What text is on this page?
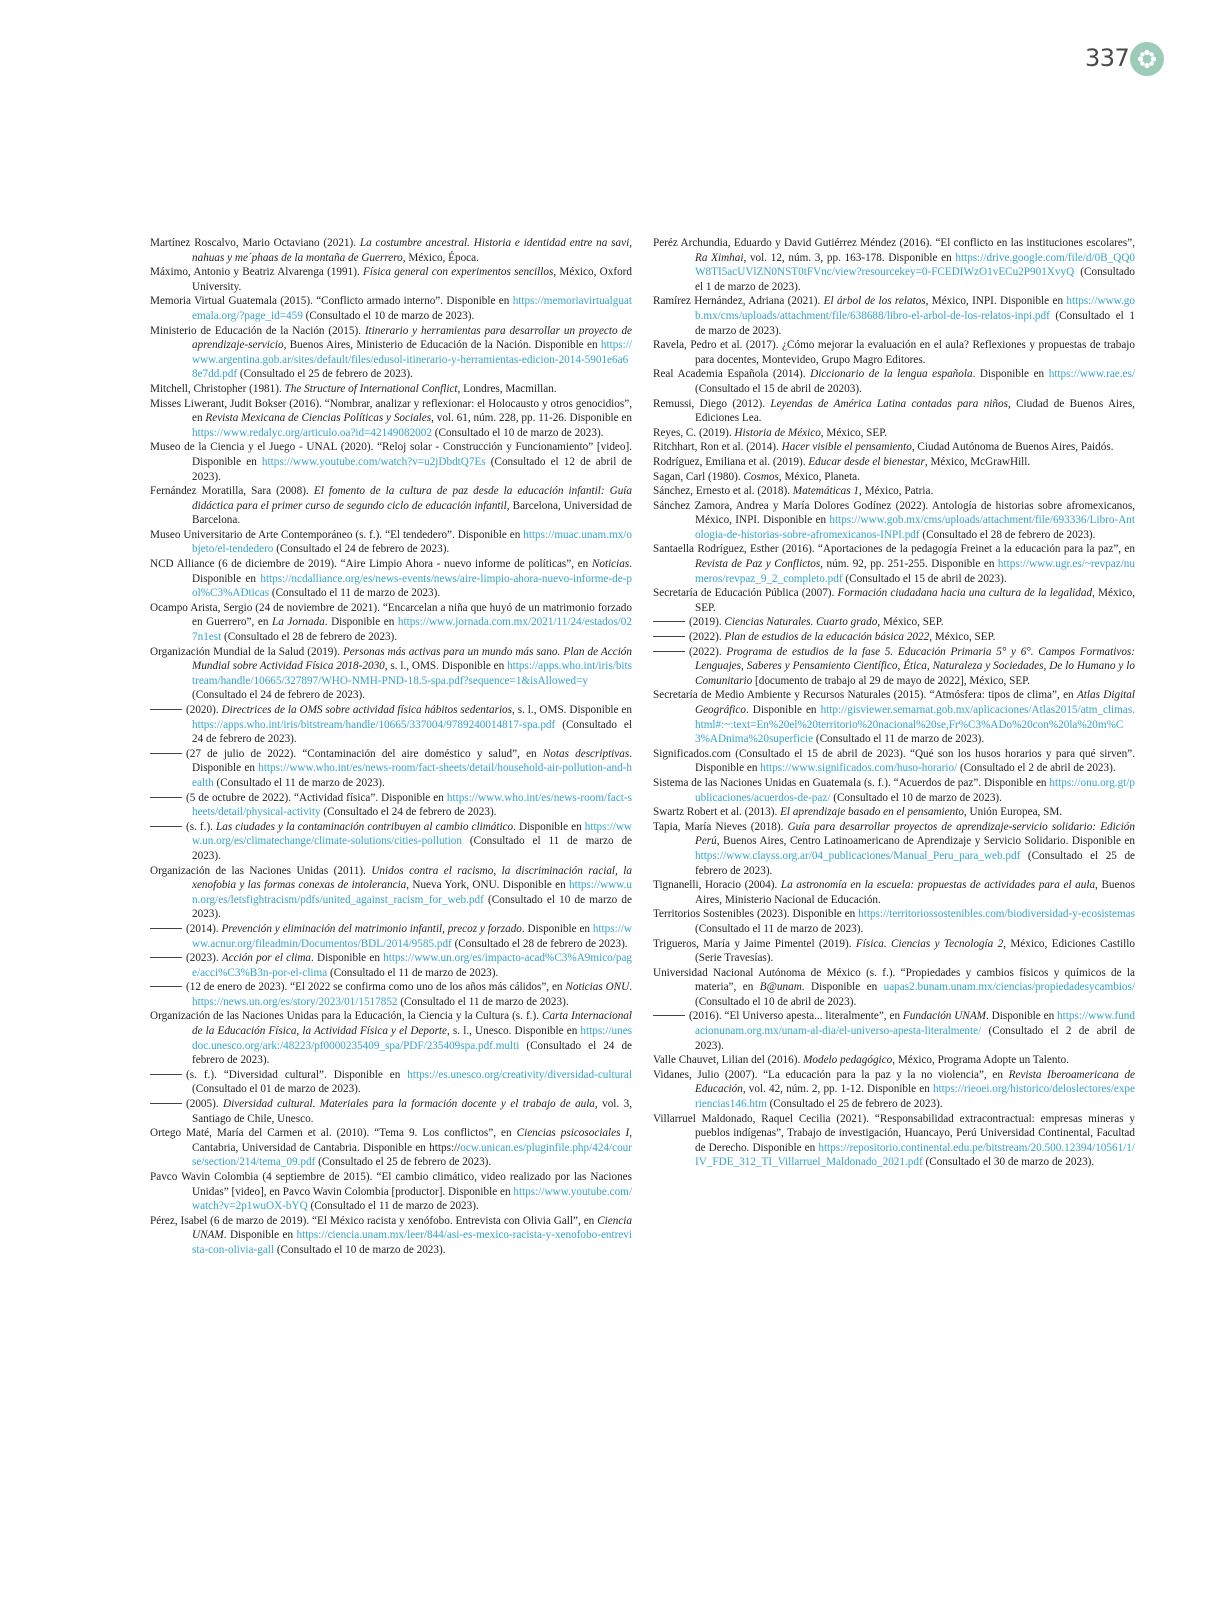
337

Martínez Roscalvo, Mario Octaviano (2021). La costumbre ancestral. Historia e identidad entre na savi, nahuas y me´phaas de la montaña de Guerrero, México, Época.

Máximo, Antonio y Beatriz Alvarenga (1991). Física general con experimentos sencillos, México, Oxford University.

Memoria Virtual Guatemala (2015). “Conflicto armado interno”. Disponible en https://memoriavirtualguatemala.org/?page_id=459 (Consultado el 10 de marzo de 2023).

Ministerio de Educación de la Nación (2015). Itinerario y herramientas para desarrollar un proyecto de aprendizaje-servicio, Buenos Aires, Ministerio de Educación de la Nación. Disponible en https://www.argentina.gob.ar/sites/default/files/edusol-itinerario-y-herramientas-edicion-2014-5901e6a68e7dd.pdf (Consultado el 25 de febrero de 2023).

Mitchell, Christopher (1981). The Structure of International Conflict, Londres, Macmillan.

Misses Liwerant, Judit Bokser (2016). “Nombrar, analizar y reflexionar: el Holocausto y otros genocidios”, en Revista Mexicana de Ciencias Políticas y Sociales, vol. 61, núm. 228, pp. 11-26. Disponible en https://www.redalyc.org/articulo.oa?id=42149082002 (Consultado el 10 de marzo de 2023).

Museo de la Ciencia y el Juego - UNAL (2020). “Reloj solar - Construcción y Funcionamiento” [video]. Disponible en https://www.youtube.com/watch?v=u2jDbdtQ7Es (Consultado el 12 de abril de 2023).

Fernández Moratilla, Sara (2008). El fomento de la cultura de paz desde la educación infantil: Guía didáctica para el primer curso de segundo ciclo de educación infantil, Barcelona, Universidad de Barcelona.

Museo Universitario de Arte Contemporáneo (s. f.). “El tendedero”. Disponible en https://muac.unam.mx/objeto/el-tendedero (Consultado el 24 de febrero de 2023).

NCD Alliance (6 de diciembre de 2019). “Aire Limpio Ahora - nuevo informe de políticas”, en Noticias. Disponible en https://ncdalliance.org/es/news-events/news/aire-limpio-ahora-nuevo-informe-de-pol%C3%ADticas (Consultado el 11 de marzo de 2023).

Ocampo Arista, Sergio (24 de noviembre de 2021). “Encarcelan a niña que huyó de un matrimonio forzado en Guerrero”, en La Jornada. Disponible en https://www.jornada.com.mx/2021/11/24/estados/027n1est (Consultado el 28 de febrero de 2023).

Organización Mundial de la Salud (2019). Personas más activas para un mundo más sano. Plan de Acción Mundial sobre Actividad Física 2018-2030, s. l., OMS. Disponible en https://apps.who.int/iris/bitstream/handle/10665/327897/WHO-NMH-PND-18.5-spa.pdf?sequence=1&isAllowed=y (Consultado el 24 de febrero de 2023).

(2020). Directrices de la OMS sobre actividad física hábitos sedentarios, s. l., OMS. Disponible en https://apps.who.int/iris/bitstream/handle/10665/337004/9789240014817-spa.pdf (Consultado el 24 de febrero de 2023).

(27 de julio de 2022). “Contaminación del aire doméstico y salud”, en Notas descriptivas. Disponible en https://www.who.int/es/news-room/fact-sheets/detail/household-air-pollution-and-health (Consultado el 11 de marzo de 2023).

(5 de octubre de 2022). “Actividad física”. Disponible en https://www.who.int/es/news-room/fact-sheets/detail/physical-activity (Consultado el 24 de febrero de 2023).

(s. f.). Las ciudades y la contaminación contribuyen al cambio climático. Disponible en https://www.un.org/es/climatechange/climate-solutions/cities-pollution (Consultado el 11 de marzo de 2023).

Organización de las Naciones Unidas (2011). Unidos contra el racismo, la discriminación racial, la xenofobia y las formas conexas de intolerancia, Nueva York, ONU. Disponible en https://www.un.org/es/letsfightracism/pdfs/united_against_racism_for_web.pdf (Consultado el 10 de marzo de 2023).

(2014). Prevención y eliminación del matrimonio infantil, precoz y forzado. Disponible en https://www.acnur.org/fileadmin/Documentos/BDL/2014/9585.pdf (Consultado el 28 de febrero de 2023).

(2023). Acción por el clima. Disponible en https://www.un.org/es/impacto-acad%C3%A9mico/page/acci%C3%B3n-por-el-clima (Consultado el 11 de marzo de 2023).

(12 de enero de 2023). “El 2022 se confirma como uno de los años más cálidos”, en Noticias ONU. https://news.un.org/es/story/2023/01/1517852 (Consultado el 11 de marzo de 2023).

Organización de las Naciones Unidas para la Educación, la Ciencia y la Cultura (s. f.). Carta Internacional de la Educación Física, la Actividad Física y el Deporte, s. l., Unesco. Disponible en https://unesdoc.unesco.org/ark:/48223/pf0000235409_spa/PDF/235409spa.pdf.multi (Consultado el 24 de febrero de 2023).

(s. f.). “Diversidad cultural”. Disponible en https://es.unesco.org/creativity/diversidad-cultural (Consultado el 01 de marzo de 2023).

(2005). Diversidad cultural. Materiales para la formación docente y el trabajo de aula, vol. 3, Santiago de Chile, Unesco.

Ortego Maté, María del Carmen et al. (2010). “Tema 9. Los conflictos”, en Ciencias psicosociales I, Cantabria, Universidad de Cantabria. Disponible en https://ocw.unican.es/pluginfile.php/424/course/section/214/tema_09.pdf (Consultado el 25 de febrero de 2023).

Pavco Wavin Colombia (4 septiembre de 2015). “El cambio climático, video realizado por las Naciones Unidas” [video], en Pavco Wavin Colombia [productor]. Disponible en https://www.youtube.com/watch?v=2p1wuOX-bYQ (Consultado el 11 de marzo de 2023).

Pérez, Isabel (6 de marzo de 2019). “El México racista y xenófobo. Entrevista con Olivia Gall”, en Ciencia UNAM. Disponible en https://ciencia.unam.mx/leer/844/asi-es-mexico-racista-y-xenofobo-entrevista-con-olivia-gall (Consultado el 10 de marzo de 2023).

Peréz Archundia, Eduardo y David Gutiérrez Méndez (2016). “El conflicto en las instituciones escolares”, Ra Ximhai, vol. 12, núm. 3, pp. 163-178. Disponible en https://drive.google.com/file/d/0B_QQ0W8TI5acUVlZN0NST0tFVnc/view?resourcekey=0-FCEDIWzO1vECu2P901XvyQ (Consultado el 1 de marzo de 2023).

Ramírez Hernández, Adriana (2021). El árbol de los relatos, México, INPI. Disponible en https://www.gob.mx/cms/uploads/attachment/file/638688/libro-el-arbol-de-los-relatos-inpi.pdf (Consultado el 1 de marzo de 2023).

Ravela, Pedro et al. (2017). ¿Cómo mejorar la evaluación en el aula? Reflexiones y propuestas de trabajo para docentes, Montevideo, Grupo Magro Editores.

Real Academia Española (2014). Diccionario de la lengua española. Disponible en https://www.rae.es/ (Consultado el 15 de abril de 20203).

Remussi, Diego (2012). Leyendas de América Latina contadas para niños, Ciudad de Buenos Aires, Ediciones Lea.

Reyes, C. (2019). Historia de México, México, SEP.

Ritchhart, Ron et al. (2014). Hacer visible el pensamiento, Ciudad Autónoma de Buenos Aires, Paidós.

Rodríguez, Emiliana et al. (2019). Educar desde el bienestar, México, McGrawHill.

Sagan, Carl (1980). Cosmos, México, Planeta.

Sánchez, Ernesto et al. (2018). Matemáticas 1, México, Patria.

Sánchez Zamora, Andrea y María Dolores Godínez (2022). Antología de historias sobre afromexicanos, México, INPI. Disponible en https://www.gob.mx/cms/uploads/attachment/file/693336/Libro-Antologia-de-historias-sobre-afromexicanos-INPI.pdf (Consultado el 28 de febrero de 2023).

Santaella Rodríguez, Esther (2016). “Aportaciones de la pedagogía Freinet a la educación para la paz”, en Revista de Paz y Conflictos, núm. 92, pp. 251-255. Disponible en https://www.ugr.es/~revpaz/numeros/revpaz_9_2_completo.pdf (Consultado el 15 de abril de 2023).

Secretaría de Educación Pública (2007). Formación ciudadana hacia una cultura de la legalidad, México, SEP.

(2019). Ciencias Naturales. Cuarto grado, México, SEP.

(2022). Plan de estudios de la educación básica 2022, México, SEP.

(2022). Programa de estudios de la fase 5. Educación Primaria 5° y 6°. Campos Formativos: Lenguajes, Saberes y Pensamiento Científico, Ética, Naturaleza y Sociedades, De lo Humano y lo Comunitario [documento de trabajo al 29 de mayo de 2022], México, SEP.

Secretaría de Medio Ambiente y Recursos Naturales (2015). “Atmósfera: tipos de clima”, en Atlas Digital Geográfico. Disponible en http://gisviewer.semarnat.gob.mx/aplicaciones/Atlas2015/atm_climas.html#:~:text=En%20el%20territorio%20nacional%20se,Fr%C3%ADo%20con%20la%20m%C3%ADnima%20superficie (Consultado el 11 de marzo de 2023).

Significados.com (Consultado el 15 de abril de 2023). “Qué son los husos horarios y para qué sirven”. Disponible en https://www.significados.com/huso-horario/ (Consultado el 2 de abril de 2023).

Sistema de las Naciones Unidas en Guatemala (s. f.). “Acuerdos de paz”. Disponible en https://onu.org.gt/publicaciones/acuerdos-de-paz/ (Consultado el 10 de marzo de 2023).

Swartz Robert et al. (2013). El aprendizaje basado en el pensamiento, Unión Europea, SM.

Tapia, María Nieves (2018). Guía para desarrollar proyectos de aprendizaje-servicio solidario: Edición Perú, Buenos Aires, Centro Latinoamericano de Aprendizaje y Servicio Solidario. Disponible en https://www.clayss.org.ar/04_publicaciones/Manual_Peru_para_web.pdf (Consultado el 25 de febrero de 2023).

Tignanelli, Horacio (2004). La astronomía en la escuela: propuestas de actividades para el aula, Buenos Aires, Ministerio Nacional de Educación.

Territorios Sostenibles (2023). Disponible en https://territoriossostenibles.com/biodiversidad-y-ecosistemas (Consultado el 11 de marzo de 2023).

Trigueros, María y Jaime Pimentel (2019). Física. Ciencias y Tecnología 2, México, Ediciones Castillo (Serie Travesías).

Universidad Nacional Autónoma de México (s. f.). “Propiedades y cambios físicos y químicos de la materia”, en B@unam. Disponible en uapas2.bunam.unam.mx/ciencias/propiedadesycambios/ (Consultado el 10 de abril de 2023).

(2016). “El Universo apesta... literalmente”, en Fundación UNAM. Disponible en https://www.fundacionunam.org.mx/unam-al-dia/el-universo-apesta-literalmente/ (Consultado el 2 de abril de 2023).

Valle Chauvet, Lilian del (2016). Modelo pedagógico, México, Programa Adopte un Talento.

Vidanes, Julio (2007). “La educación para la paz y la no violencia”, en Revista Iberoamericana de Educación, vol. 42, núm. 2, pp. 1-12. Disponible en https://rieoei.org/historico/deloslectores/experiencias146.htm (Consultado el 25 de febrero de 2023).

Villarruel Maldonado, Raquel Cecilia (2021). “Responsabilidad extracontractual: empresas mineras y pueblos indígenas”, Trabajo de investigación, Huancayo, Perú Universidad Continental, Facultad de Derecho. Disponible en https://repositorio.continental.edu.pe/bitstream/20.500.12394/10561/1/IV_FDE_312_TI_Villarruel_Maldonado_2021.pdf (Consultado el 30 de marzo de 2023).
